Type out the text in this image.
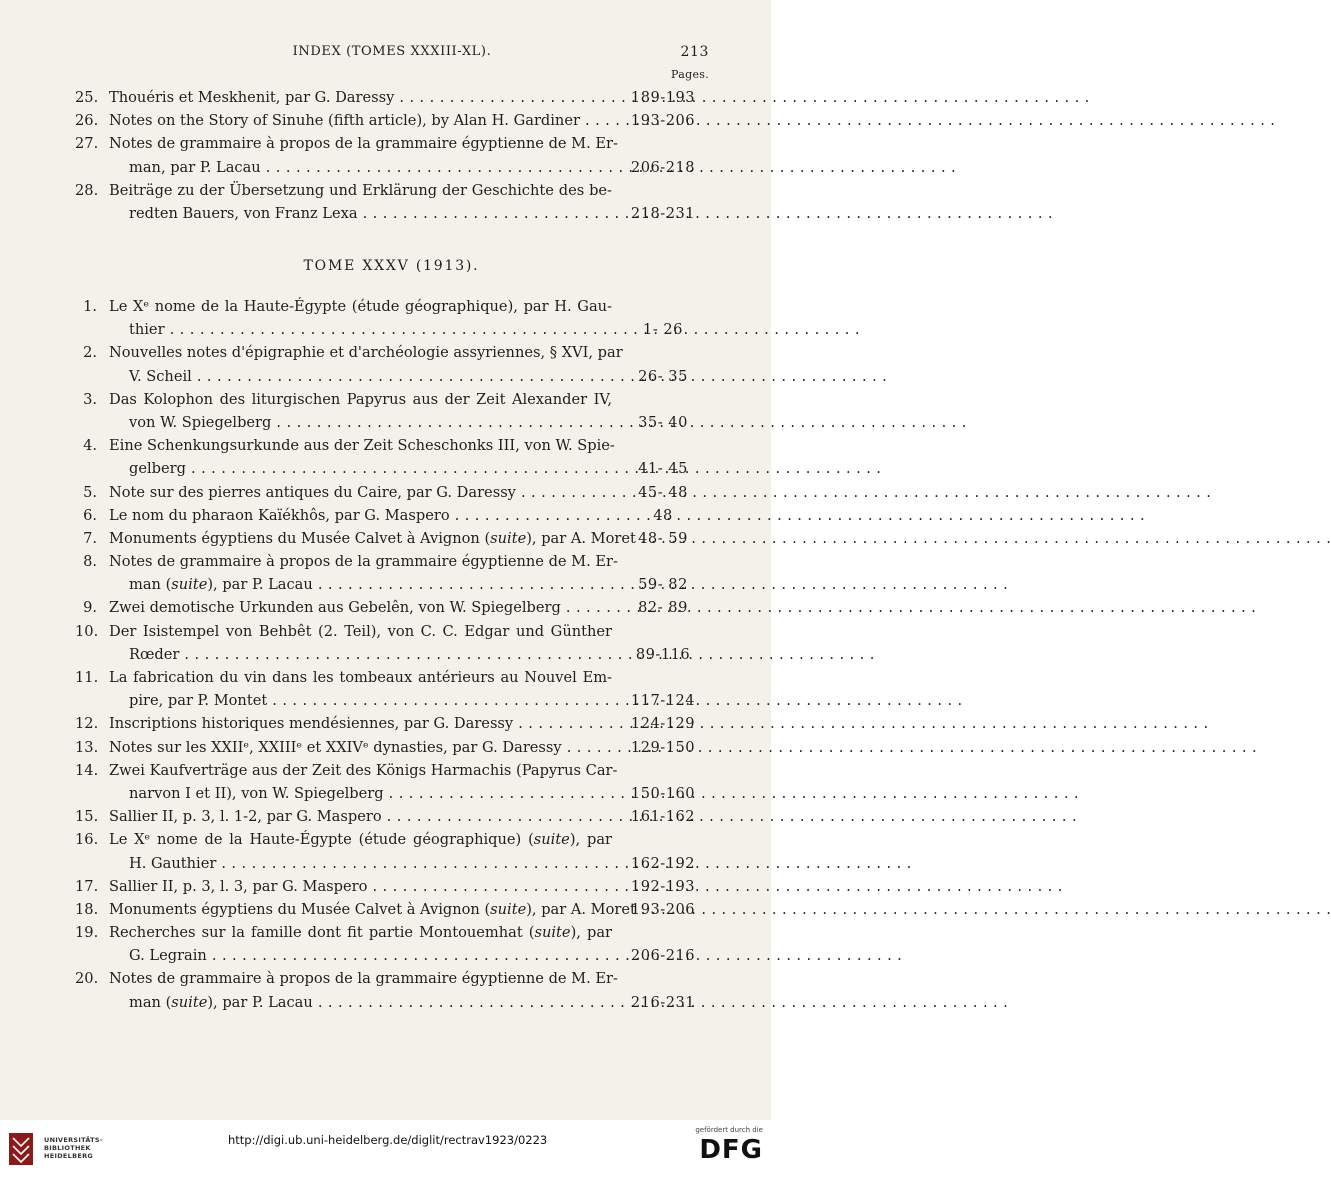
INDEX (TOMES XXXIII-XL).	213
Pages.
25. Thouéris et Meskhenit, par G. Daressy . . .	189-193
26. Notes on the Story of Sinuhe (fifth article), by Alan H. Gardiner . . .	193-206
27. Notes de grammaire à propos de la grammaire égyptienne de M. Er-
man, par P. Lacau . . .	206-218
28. Beiträge zu der Übersetzung und Erklärung der Geschichte des be-
redten Bauers, von Franz Lexa . . .	218-231
TOME XXXV (1913).
1. Le Xᵉ nome de la Haute-Égypte (étude géographique), par H. Gau-
thier . . .	1- 26
2. Nouvelles notes d'épigraphie et d'archéologie assyriennes, § XVI, par
V. Scheil . . .	26- 35
3. Das Kolophon des liturgischen Papyrus aus der Zeit Alexander IV,
von W. Spiegelberg . . .	35- 40
4. Eine Schenkungsurkunde aus der Zeit Scheschonks III, von W. Spie-
gelberg . . .	41- 45
5. Note sur des pierres antiques du Caire, par G. Daressy . . .	45- 48
6. Le nom du pharaon Kaïékhôs, par G. Maspero . . .	48
7. Monuments égyptiens du Musée Calvet à Avignon (suite), par A. Moret . . . 48- 59
8. Notes de grammaire à propos de la grammaire égyptienne de M. Er-
man (suite), par P. Lacau . . .	59- 82
9. Zwei demotische Urkunden aus Gebelên, von W. Spiegelberg . . .	82- 89
10. Der Isistempel von Behbêt (2. Teil), von C. C. Edgar und Günther
Rœder . . .	89-116
11. La fabrication du vin dans les tombeaux antérieurs au Nouvel Em-
pire, par P. Montet . . .	117-124
12. Inscriptions historiques mendésiennes, par G. Daressy . . .	124-129
13. Notes sur les XXIIᵉ, XXIIIᵉ et XXIVᵉ dynasties, par G. Daressy . . .	129-150
14. Zwei Kaufverträge aus der Zeit des Königs Harmachis (Papyrus Car-
narvon I et II), von W. Spiegelberg . . .	150-160
15. Sallier II, p. 3, l. 1-2, par G. Maspero . . .	161-162
16. Le Xᵉ nome de la Haute-Égypte (étude géographique) (suite), par
H. Gauthier . . .	162-192
17. Sallier II, p. 3, l. 3, par G. Maspero . . .	192-193
18. Monuments égyptiens du Musée Calvet à Avignon (suite), par A. Moret . . .
193-206
19. Recherches sur la famille dont fit partie Montouemhat (suite), par
G. Legrain . . .	206-216
20. Notes de grammaire à propos de la grammaire égyptienne de M. Er-
man (suite), par P. Lacau . . .	216-231
UNIVERSITÄTS-
BIBLIOTHEK
HEIDELBERG
http://digi.ub.uni-heidelberg.de/diglit/rectrav1923/0223
gefördert durch die
DFG
